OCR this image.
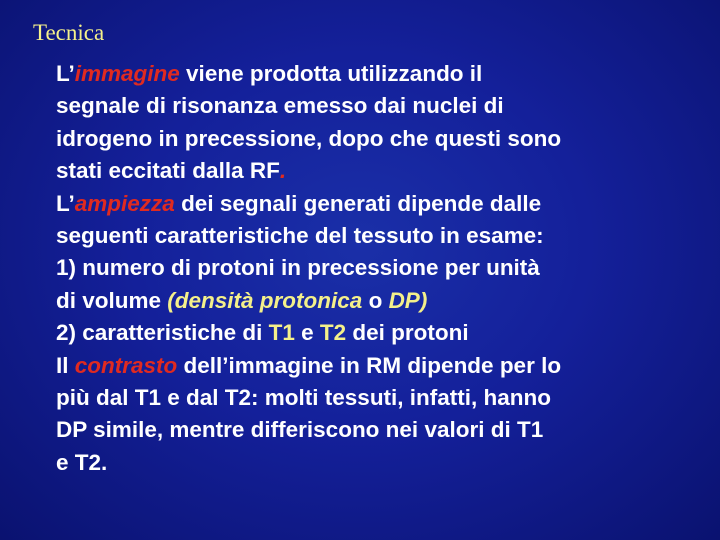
Tecnica
L’immagine viene prodotta utilizzando il
segnale di risonanza emesso dai nuclei di
idrogeno in precessione, dopo che questi sono
stati eccitati dalla RF.
L’ampiezza dei segnali generati dipende dalle
seguenti caratteristiche del tessuto in esame:
1) numero di protoni in precessione per unità
di volume (densità protonica o DP)
2) caratteristiche di T1 e T2 dei protoni
Il contrasto dell’immagine in RM dipende per lo
più dal T1 e dal T2: molti tessuti, infatti, hanno
DP simile, mentre differiscono nei valori di T1
e T2.
